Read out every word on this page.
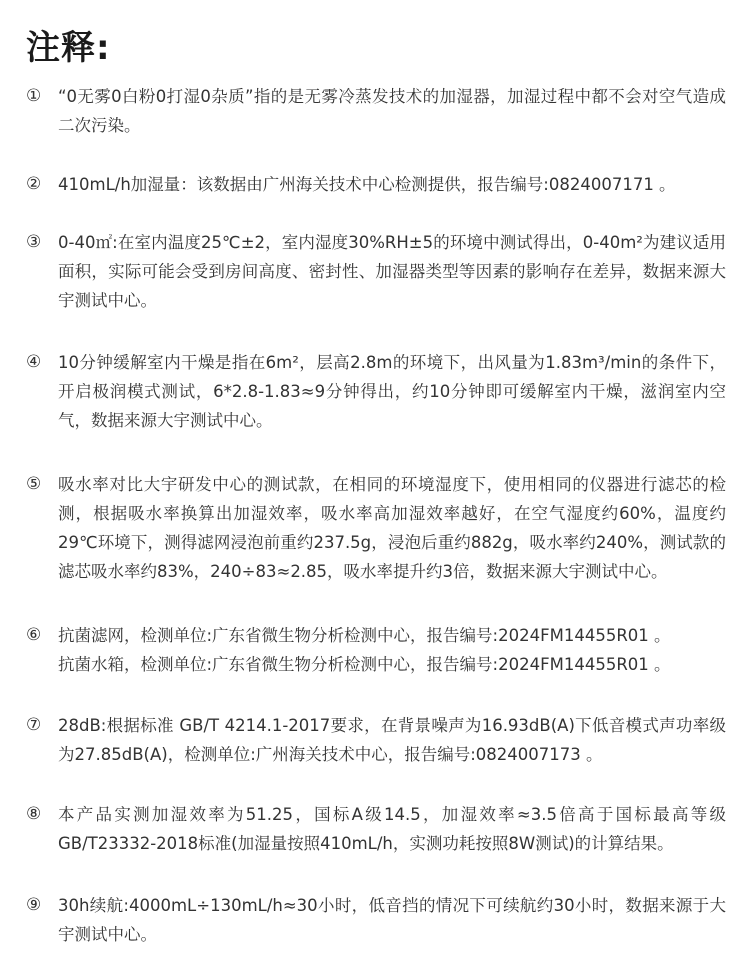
注释:
①	“0无雾0白粉0打湿0杂质”指的是无雾冷蒸发技术的加湿器，加湿过程中都不会对空气造成二次污染。

②	410mL/h加湿量：该数据由广州海关技术中心检测提供，报告编号:0824007171 。

③	0-40㎡:在室内温度25℃±2，室内湿度30%RH±5的环境中测试得出，0-40m²为建议适用面积，实际可能会受到房间高度、密封性、加湿器类型等因素的影响存在差异，数据来源大宇测试中心。

④	10分钟缓解室内干燥是指在6m²，层高2.8m的环境下，出风量为1.83m³/min的条件下，开启极润模式测试，6*2.8-1.83≈9分钟得出，约10分钟即可缓解室内干燥，滋润室内空气，数据来源大宇测试中心。

⑤	吸水率对比大宇研发中心的测试款，在相同的环境湿度下，使用相同的仪器进行滤芯的检测，根据吸水率换算出加湿效率，吸水率高加湿效率越好，在空气湿度约60%，温度约29℃环境下，测得滤网浸泡前重约237.5g，浸泡后重约882g，吸水率约240%，测试款的滤芯吸水率约83%，240÷83≈2.85，吸水率提升约3倍，数据来源大宇测试中心。

⑥	抗菌滤网，检测单位:广东省微生物分析检测中心，报告编号:2024FM14455R01 。

抗菌水箱，检测单位:广东省微生物分析检测中心，报告编号:2024FM14455R01 。

⑦	28dB:根据标准 GB/T 4214.1-2017要求，在背景噪声为16.93dB(A)下低音模式声功率级为27.85dB(A)，检测单位:广州海关技术中心，报告编号:0824007173 。

⑧	本产品实测加湿效率为51.25，国标A级14.5，加湿效率≈3.5倍高于国标最高等级GB/T23332-2018标准(加湿量按照410mL/h，实测功耗按照8W测试)的计算结果。

⑨	30h续航:4000mL÷130mL/h≈30小时，低音挡的情况下可续航约30小时，数据来源于大宇测试中心。
